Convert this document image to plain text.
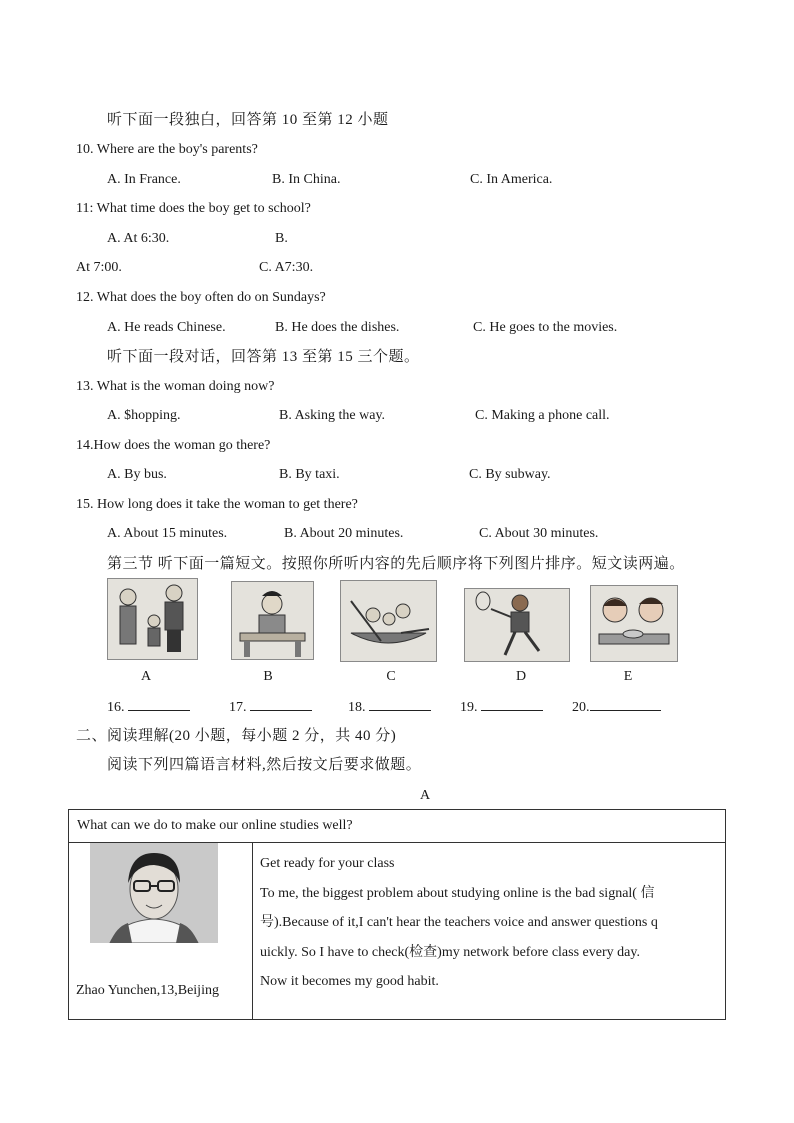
听下面一段独白，回答第 10 至第 12 小题
10. Where are the boy's parents?
A. In France.	B. In China.	C. In America.
11: What time does the boy get to school?
A. At 6:30.	B.
At 7:00.	C. A7:30.
12. What does the boy often do on Sundays?
A. He reads Chinese.	B. He does the dishes.	C. He goes to the movies.
听下面一段对话，回答第 13 至第 15 三个题。
13. What is the woman doing now?
A. $hopping.	B. Asking the way.	C. Making a phone call.
14.How does the woman go there?
A. By bus.	B. By taxi.	C. By subway.
15. How long does it take the woman to get there?
A. About 15 minutes.	B. About 20 minutes.	C. About 30 minutes.
第三节 听下面一篇短文。按照你所听内容的先后顺序将下列图片排序。短文读两遍。
A	B	C	D	E
16.	17.	18.	19.	20.
二、阅读理解(20 小题，每小题 2 分，共 40 分)
阅读下列四篇语言材料,然后按文后要求做题。
A
What can we do to make our online studies well?

Zhao Yunchen,13,Beijing

Get ready for your class
To me, the biggest problem about studying online is the bad signal( 信
号).Because of it,I can't hear the teachers voice and answer questions q
uickly. So I have to check(检查)my network before class every day.
Now it becomes my good habit.
